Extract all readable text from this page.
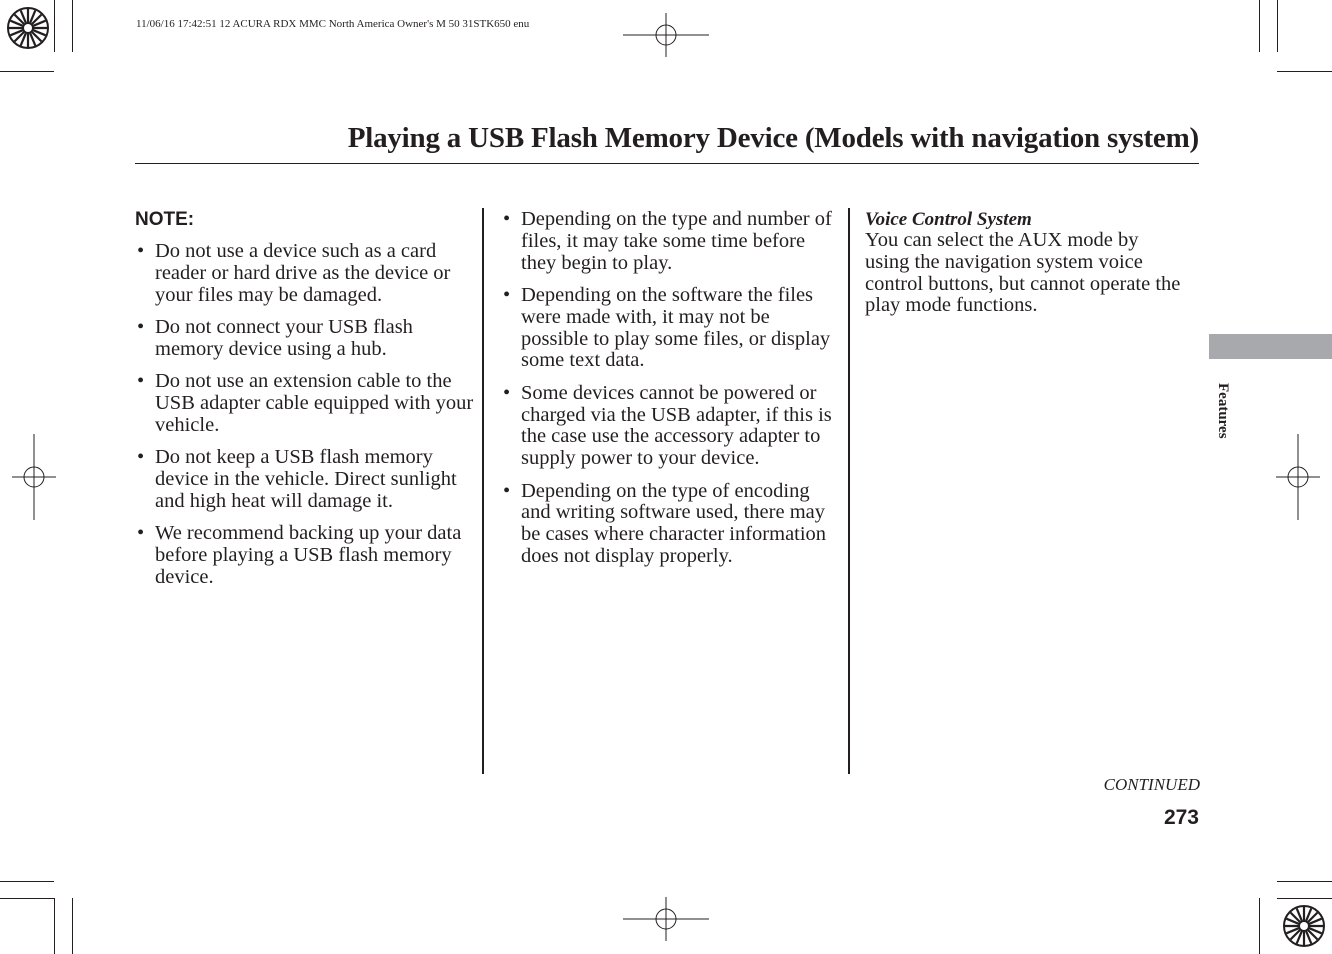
11/06/16 17:42:51 12 ACURA RDX MMC North America Owner's M 50 31STK650 enu
Playing a USB Flash Memory Device (Models with navigation system)
NOTE:
• Do not use a device such as a card reader or hard drive as the device or your files may be damaged.
• Do not connect your USB flash memory device using a hub.
• Do not use an extension cable to the USB adapter cable equipped with your vehicle.
• Do not keep a USB flash memory device in the vehicle. Direct sunlight and high heat will damage it.
• We recommend backing up your data before playing a USB flash memory device.
• Depending on the type and number of files, it may take some time before they begin to play.
• Depending on the software the files were made with, it may not be possible to play some files, or display some text data.
• Some devices cannot be powered or charged via the USB adapter, if this is the case use the accessory adapter to supply power to your device.
• Depending on the type of encoding and writing software used, there may be cases where character information does not display properly.
Voice Control System

You can select the AUX mode by using the navigation system voice control buttons, but cannot operate the play mode functions.

Features
CONTINUED
273
